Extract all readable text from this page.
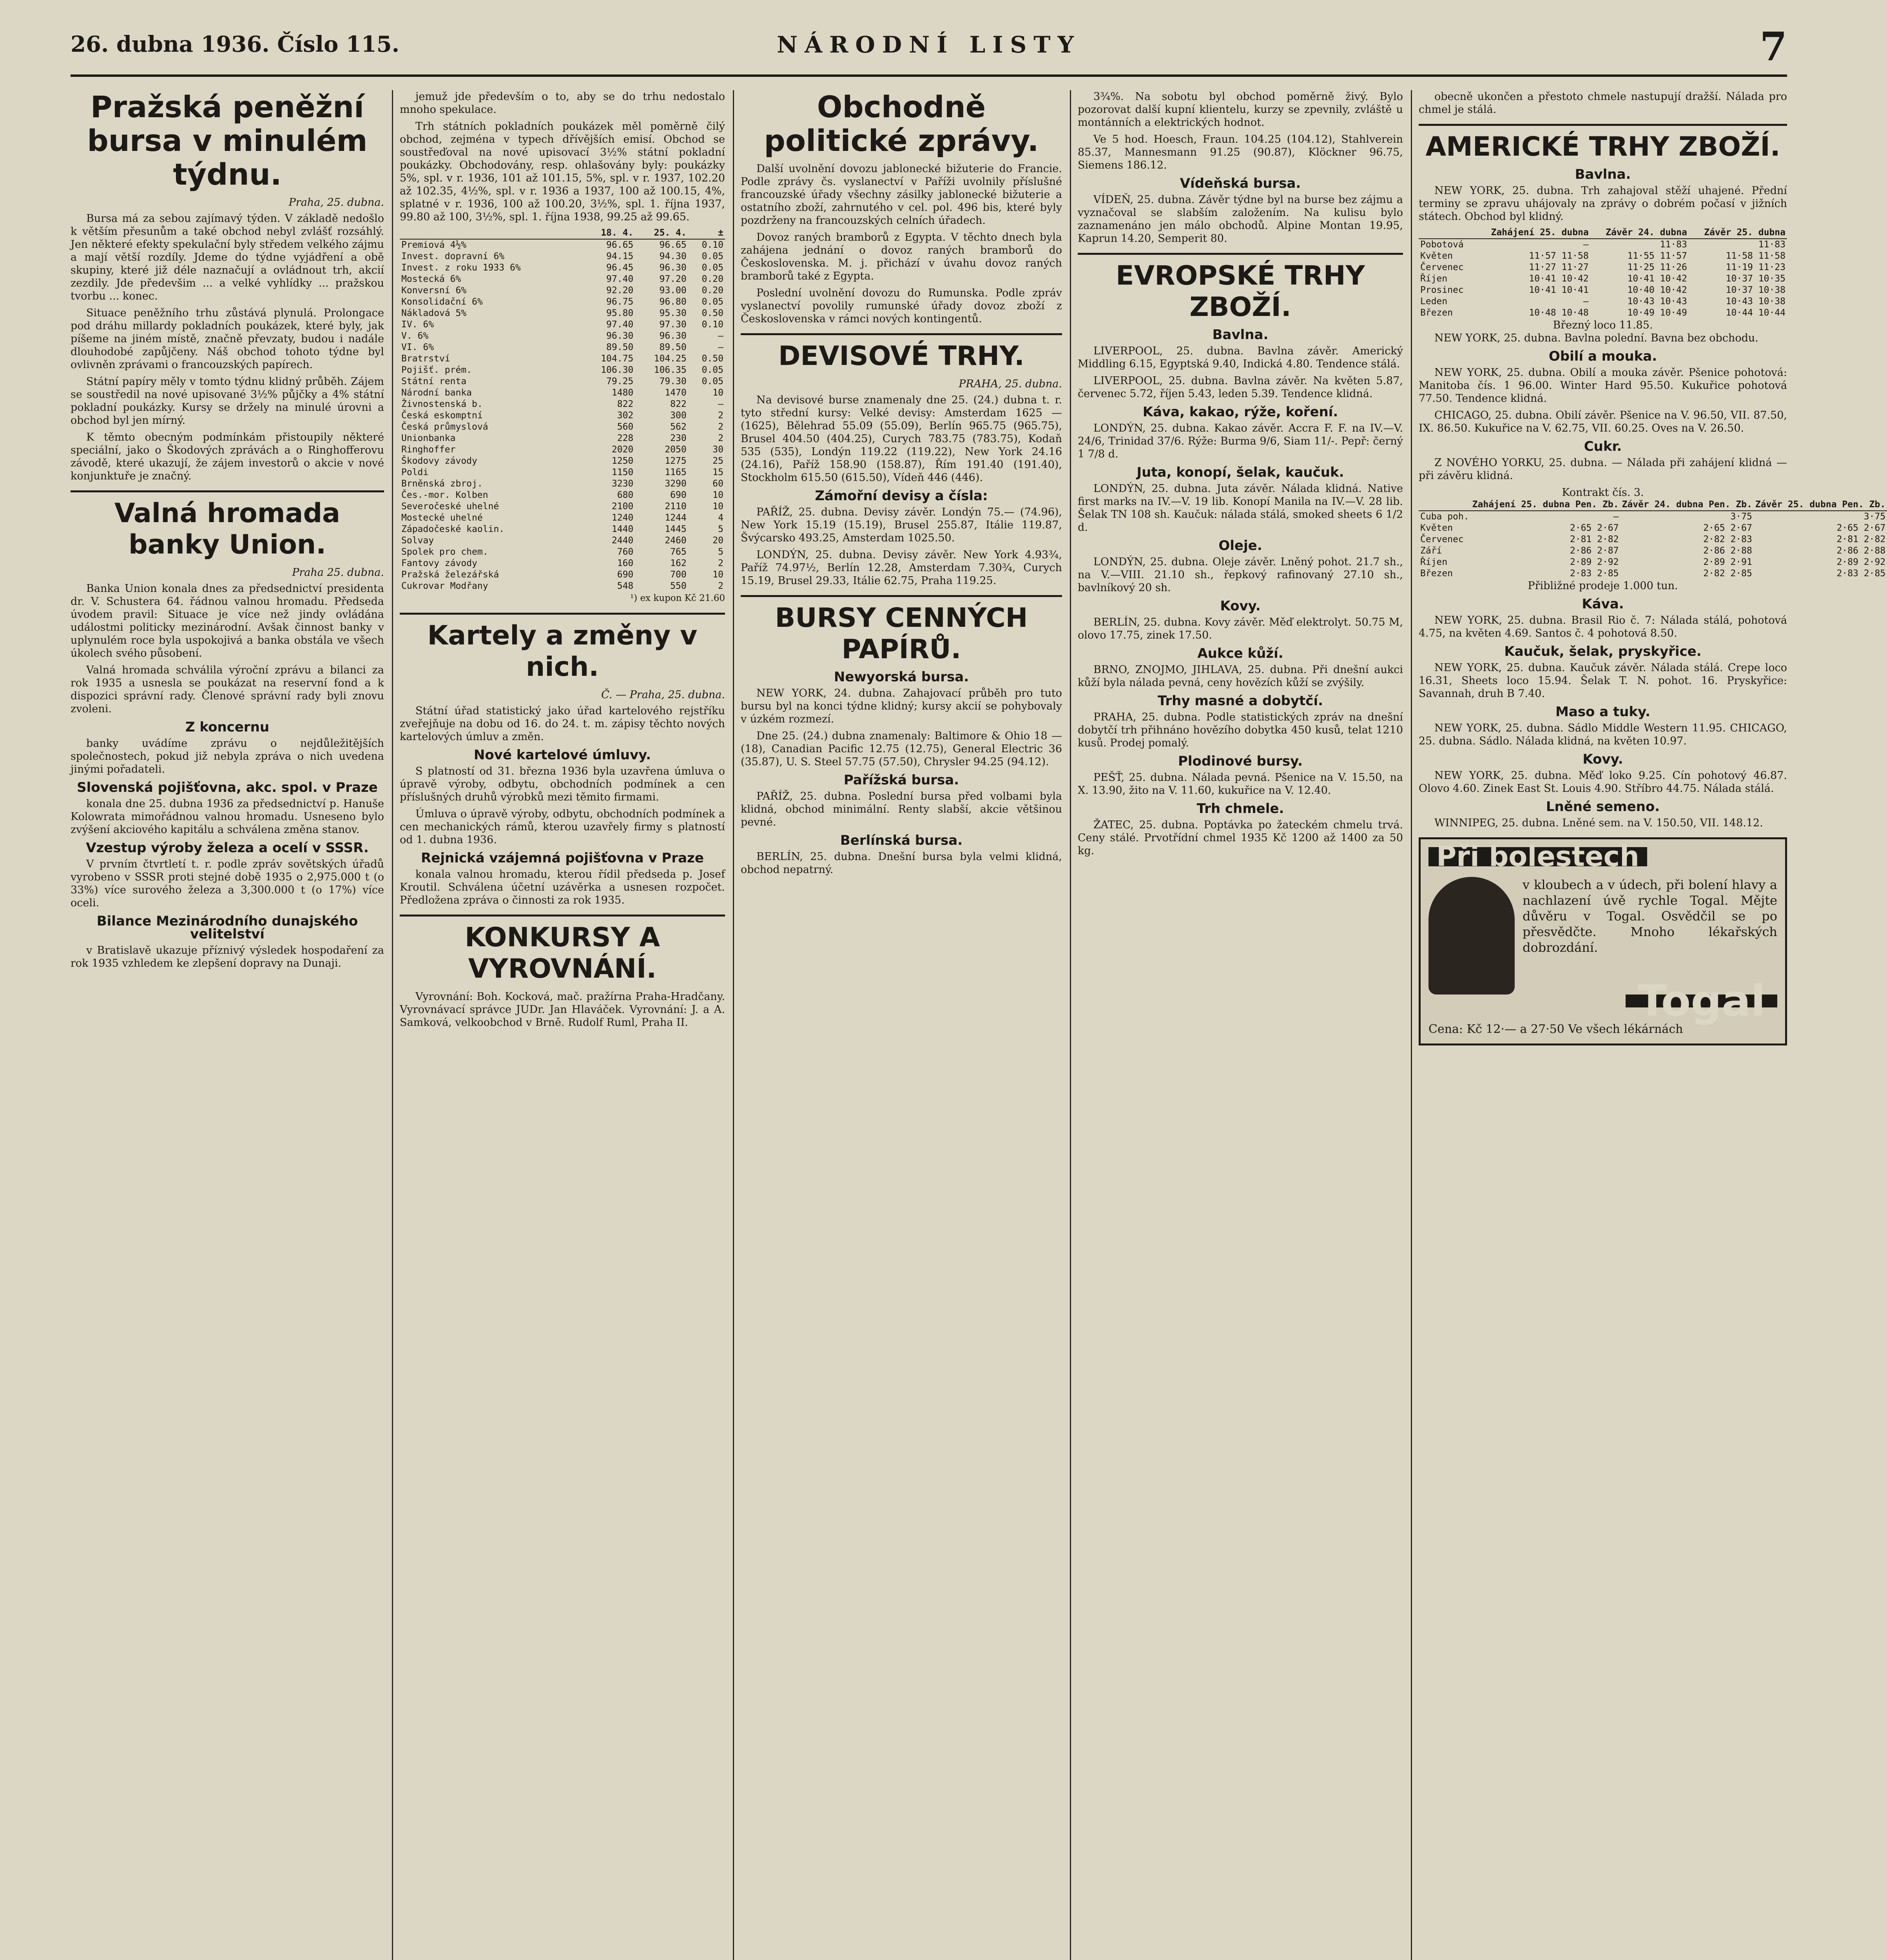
26. dubna 1936. Číslo 115.	NÁRODNÍ LISTY	7
Pražská peněžní bursa v minulém týdnu.
Praha, 25. dubna.

Bursa má za sebou zajímavý týden. V základě nedošlo k větším přesunům a také obchod nebyl zvlášť rozsáhlý. Jen některé efekty spekulační byly středem velkého zájmu a mají větší rozdíly. Jdeme do týdne vyjádření a obě skupiny, které již déle naznačují a ovládnout trh, akcií zezdily. Jde předevšim ... a velké vyhlídky ... pražskou tvorbu ... konec.

Situace peněžního trhu zůstává plynulá. Prolongace pod dráhu millardy pokladních poukázek, které byly, jak píšeme na jiném místě, značně převzaty, budou i nadále dlouhodobé zapůjčeny. Náš obchod tohoto týdne byl ovlivněn zprávami o francouzských papírech.

Státní papíry měly v tomto týdnu klidný průběh. Zájem se soustředil na nové upisované 3½% půjčky a 4% státní pokladní poukázky. Kursy se držely na minulé úrovni a obchod byl jen mírný.

K těmto obecným podmínkám přistoupily některé speciální, jako o Škodových zprávách a o Ringhofferovu závodě, které ukazují, že zájem investorů o akcie v nové konjunktuře je značný.

Valná hromada banky Union.
Praha 25. dubna.

Banka Union konala dnes za předsednictví presidenta dr. V. Schustera 64. řádnou valnou hromadu. Předseda úvodem pravil: Situace je více než jindy ovládána událostmi politicky mezinárodní. Avšak činnost banky v uplynulém roce byla uspokojivá a banka obstála ve všech úkolech svého působení.

Valná hromada schválila výroční zprávu a bilanci za rok 1935 a usnesla se poukázat na reservní fond a k dispozici správní rady. Členové správní rady byli znovu zvoleni.

Z koncernu

banky uvádíme zprávu o nejdůležitějších společnostech, pokud již nebyla zpráva o nich uvedena jinými pořadateli.

Slovenská pojišťovna, akc. spol. v Praze

konala dne 25. dubna 1936 za předsednictví p. Hanuše Kolowrata mimořádnou valnou hromadu. Usneseno bylo zvýšení akciového kapitálu a schválena změna stanov.

Vzestup výroby železa a ocelí v SSSR.

V prvním čtvrtletí t. r. podle zpráv sovětských úřadů vyrobeno v SSSR proti stejné době 1935 o 2,975.000 t (o 33%) více surového železa a 3,300.000 t (o 17%) více oceli.

Bilance Mezinárodního dunajského velitelství

v Bratislavě ukazuje příznivý výsledek hospodaření za rok 1935 vzhledem ke zlepšení dopravy na Dunaji.

jemuž jde především o to, aby se do trhu nedostalo mnoho spekulace.

Trh státních pokladních poukázek měl poměrně čilý obchod, zejména v typech dřívějších emisí. Obchod se soustřeďoval na nové upisovací 3½% státní pokladní poukázky. Obchodovány, resp. ohlašovány byly: poukázky 5%, spl. v r. 1936, 101 až 101.15, 5%, spl. v r. 1937, 102.20 až 102.35, 4½%, spl. v r. 1936 a 1937, 100 až 100.15, 4%, splatné v r. 1936, 100 až 100.20, 3½%, spl. 1. října 1937, 99.80 až 100, 3½%, spl. 1. října 1938, 99.25 až 99.65.

	18. 4.	25. 4.	±
Premiová 4½%	96.65	96.65	0.10
Invest. dopravní 6%	94.15	94.30	0.05
Invest. z roku 1933 6%	96.45	96.30	0.05
Mostecká 6%	97.40	97.20	0.20
Konversní 6%	92.20	93.00	0.20
Konsolidační 6%	96.75	96.80	0.05
Nákladová 5%	95.80	95.30	0.50
IV. 6%	97.40	97.30	0.10
V. 6%	96.30	96.30	—
VI. 6%	89.50	89.50	—
Bratrství	104.75	104.25	0.50
Pojišť. prém.	106.30	106.35	0.05
Státní renta	79.25	79.30	0.05
Národní banka	1480	1470	10
Živnostenská b.	822	822	—
Česká eskomptní	302	300	2
Česká průmyslová	560	562	2
Unionbanka	228	230	2
Ringhoffer	2020	2050	30
Škodovy závody	1250	1275	25
Poldi	1150	1165	15
Brněnská zbroj.	3230	3290	60
Čes.-mor. Kolben	680	690	10
Severočeské uhelné	2100	2110	10
Mostecké uhelné	1240	1244	4
Západočeské kaolin.	1440	1445	5
Solvay	2440	2460	20
Spolek pro chem.	760	765	5
Fantovy závody	160	162	2
Pražská železářská	690	700	10
Cukrovar Modřany	548	550	2
¹) ex kupon Kč 21.60
Kartely a změny v nich.
Č. — Praha, 25. dubna.

Státní úřad statistický jako úřad kartelového rejstříku zveřejňuje na dobu od 16. do 24. t. m. zápisy těchto nových kartelových úmluv a změn.

Nové kartelové úmluvy.

S platností od 31. března 1936 byla uzavřena úmluva o úpravě výroby, odbytu, obchodních podmínek a cen příslušných druhů výrobků mezi těmito firmami.

Úmluva o úpravě výroby, odbytu, obchodních podmínek a cen mechanických rámů, kterou uzavřely firmy s platností od 1. dubna 1936.

Rejnická vzájemná pojišťovna v Praze

konala valnou hromadu, kterou řídil předseda p. Josef Kroutil. Schválena účetní uzávěrka a usnesen rozpočet. Předložena zpráva o činnosti za rok 1935.

KONKURSY A VYROVNÁNÍ.

Vyrovnání: Boh. Kocková, mač. pražírna Praha-Hradčany. Vyrovnávací správce JUDr. Jan Hlaváček. Vyrovnání: J. a A. Samková, velkoobchod v Brně. Rudolf Ruml, Praha II.

Obchodně politické zprávy.

Další uvolnění dovozu jablonecké bižuterie do Francie. Podle zprávy čs. vyslanectví v Paříži uvolnily příslušné francouzské úřady všechny zásilky jablonecké bižuterie a ostatního zboží, zahrnutého v cel. pol. 496 bis, které byly pozdrženy na francouzských celních úřadech.

Dovoz raných bramborů z Egypta. V těchto dnech byla zahájena jednání o dovoz raných bramborů do Československa. M. j. přichází v úvahu dovoz raných bramborů také z Egypta.

Poslední uvolnění dovozu do Rumunska. Podle zpráv vyslanectví povolily rumunské úřady dovoz zboží z Československa v rámci nových kontingentů.

DEVISOVÉ TRHY.
PRAHA, 25. dubna.

Na devisové burse znamenaly dne 25. (24.) dubna t. r. tyto střední kursy: Velké devisy: Amsterdam 1625 — (1625), Bělehrad 55.09 (55.09), Berlín 965.75 (965.75), Brusel 404.50 (404.25), Curych 783.75 (783.75), Kodaň 535 (535), Londýn 119.22 (119.22), New York 24.16 (24.16), Paříž 158.90 (158.87), Řím 191.40 (191.40), Stockholm 615.50 (615.50), Vídeň 446 (446).

Zámořní devisy a čísla:

PAŘÍŽ, 25. dubna. Devisy závěr. Londýn 75.— (74.96), New York 15.19 (15.19), Brusel 255.87, Itálie 119.87, Švýcarsko 493.25, Amsterdam 1025.50.

LONDÝN, 25. dubna. Devisy závěr. New York 4.93¾, Paříž 74.97½, Berlín 12.28, Amsterdam 7.30¾, Curych 15.19, Brusel 29.33, Itálie 62.75, Praha 119.25.

BURSY CENNÝCH PAPÍRŮ.
Newyorská bursa.

NEW YORK, 24. dubna. Zahajovací průběh pro tuto bursu byl na konci týdne klidný; kursy akcií se pohybovaly v úzkém rozmezí.

Dne 25. (24.) dubna znamenaly: Baltimore & Ohio 18 — (18), Canadian Pacific 12.75 (12.75), General Electric 36 (35.87), U. S. Steel 57.75 (57.50), Chrysler 94.25 (94.12).

Pařížská bursa.

PAŘÍŽ, 25. dubna. Poslední bursa před volbami byla klidná, obchod minimální. Renty slabší, akcie většinou pevné.

Berlínská bursa.

BERLÍN, 25. dubna. Dnešní bursa byla velmi klidná, obchod nepatrný.

3¾%. Na sobotu byl obchod poměrně živý. Bylo pozorovat další kupní klientelu, kurzy se zpevnily, zvláště u montánních a elektrických hodnot.

Ve 5 hod. Hoesch, Fraun. 104.25 (104.12), Stahlverein 85.37, Mannesmann 91.25 (90.87), Klöckner 96.75, Siemens 186.12.

Vídeňská bursa.

VÍDEŇ, 25. dubna. Závěr týdne byl na burse bez zájmu a vyznačoval se slabším založením. Na kulisu bylo zaznamenáno jen málo obchodů. Alpine Montan 19.95, Kaprun 14.20, Semperit 80.

EVROPSKÉ TRHY ZBOŽÍ.
Bavlna.

LIVERPOOL, 25. dubna. Bavlna závěr. Americký Middling 6.15, Egyptská 9.40, Indická 4.80. Tendence stálá.

LIVERPOOL, 25. dubna. Bavlna závěr. Na květen 5.87, červenec 5.72, říjen 5.43, leden 5.39. Tendence klidná.

Káva, kakao, rýže, koření.

LONDÝN, 25. dubna. Kakao závěr. Accra F. F. na IV.—V. 24/6, Trinidad 37/6. Rýže: Burma 9/6, Siam 11/-. Pepř: černý 1 7/8 d.

Juta, konopí, šelak, kaučuk.

LONDÝN, 25. dubna. Juta závěr. Nálada klidná. Native first marks na IV.—V. 19 lib. Konopí Manila na IV.—V. 28 lib. Šelak TN 108 sh. Kaučuk: nálada stálá, smoked sheets 6 1/2 d.

Oleje.

LONDÝN, 25. dubna. Oleje závěr. Lněný pohot. 21.7 sh., na V.—VIII. 21.10 sh., řepkový rafinovaný 27.10 sh., bavlníkový 20 sh.

Kovy.

BERLÍN, 25. dubna. Kovy závěr. Měď elektrolyt. 50.75 M, olovo 17.75, zinek 17.50.

Aukce kůží.

BRNO, ZNOJMO, JIHLAVA, 25. dubna. Při dnešní aukci kůží byla nálada pevná, ceny hovězích kůží se zvýšily.

Trhy masné a dobytčí.

PRAHA, 25. dubna. Podle statistických zpráv na dnešní dobytčí trh přihnáno hovězího dobytka 450 kusů, telat 1210 kusů. Prodej pomalý.

Plodinové bursy.

PEŠŤ, 25. dubna. Nálada pevná. Pšenice na V. 15.50, na X. 13.90, žito na V. 11.60, kukuřice na V. 12.40.

Trh chmele.

ŽATEC, 25. dubna. Poptávka po žateckém chmelu trvá. Ceny stálé. Prvotřídní chmel 1935 Kč 1200 až 1400 za 50 kg.

obecně ukončen a přestoto chmele nastupují dražší. Nálada pro chmel je stálá.

AMERICKÉ TRHY ZBOŽÍ.
Bavlna.

NEW YORK, 25. dubna. Trh zahajoval stěží uhajené. Přední terminy se zpravu uhájovaly na zprávy o dobrém počasí v jižních státech. Obchod byl klidný.

	Zahájení 25. dubna	Závěr 24. dubna	Závěr 25. dubna
Pobotová	—	11·83	11·83
Květen	11·57 11·58	11·55 11·57	11·58 11·58
Červenec	11·27 11·27	11·25 11·26	11·19 11·23
Říjen	10·41 10·42	10·41 10·42	10·37 10·35
Prosinec	10·41 10·41	10·40 10·42	10·37 10·38
Leden	—	10·43 10·43	10·43 10·38
Březen	10·48 10·48	10·49 10·49	10·44 10·44
Březný loco 11.85.

NEW YORK, 25. dubna. Bavlna polední. Bavna bez obchodu.

Obilí a mouka.

NEW YORK, 25. dubna. Obilí a mouka závěr. Pšenice pohotová: Manitoba čís. 1 96.00. Winter Hard 95.50. Kukuřice pohotová 77.50. Tendence klidná.

CHICAGO, 25. dubna. Obilí závěr. Pšenice na V. 96.50, VII. 87.50, IX. 86.50. Kukuřice na V. 62.75, VII. 60.25. Oves na V. 26.50.

Cukr.

Z NOVÉHO YORKU, 25. dubna. — Nálada při zahájení klidná — při závěru klidná.

Kontrakt čís. 3.
	Zahájení 25. dubna Pen. Zb.	Závěr 24. dubna Pen. Zb.	Závěr 25. dubna Pen. Zb.
Cuba poh.	—	3·75	3·75
Květen	2·65 2·67	2·65 2·67	2·65 2·67
Červenec	2·81 2·82	2·82 2·83	2·81 2·82
Září	2·86 2·87	2·86 2·88	2·86 2·88
Říjen	2·89 2·92	2·89 2·91	2·89 2·92
Březen	2·83 2·85	2·82 2·85	2·83 2·85
Přibližné prodeje 1.000 tun.
Káva.

NEW YORK, 25. dubna. Brasil Rio č. 7: Nálada stálá, pohotová 4.75, na květen 4.69. Santos č. 4 pohotová 8.50.

Kaučuk, šelak, pryskyřice.

NEW YORK, 25. dubna. Kaučuk závěr. Nálada stálá. Crepe loco 16.31, Sheets loco 15.94. Šelak T. N. pohot. 16. Pryskyřice: Savannah, druh B 7.40.

Maso a tuky.

NEW YORK, 25. dubna. Sádlo Middle Western 11.95. CHICAGO, 25. dubna. Sádlo. Nálada klidná, na květen 10.97.

Kovy.

NEW YORK, 25. dubna. Měď loko 9.25. Cín pohotový 46.87. Olovo 4.60. Zinek East St. Louis 4.90. Stříbro 44.75. Nálada stálá.

Lněné semeno.

WINNIPEG, 25. dubna. Lněné sem. na V. 150.50, VII. 148.12.

Při bolestech
v kloubech a v údech, při bolení hlavy a nachlazení úvě rychle Togal. Mějte důvěru v Togal. Osvědčil se po přesvědčte. Mnoho lékařských dobrozdání.
Togal
Cena: Kč 12·— a 27·50 Ve všech lékárnách
